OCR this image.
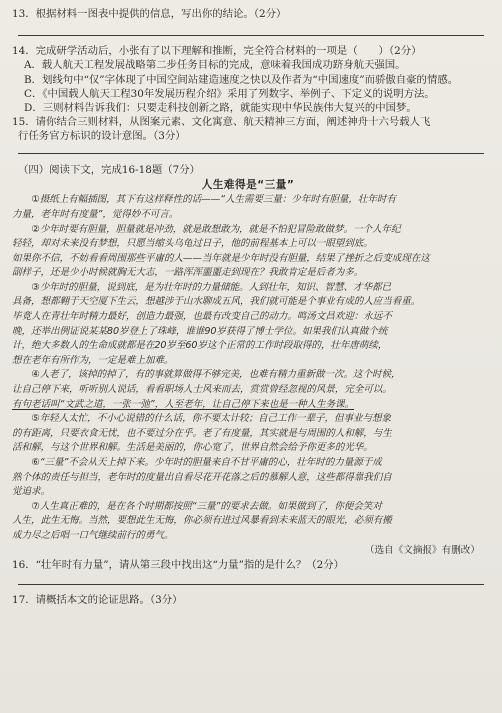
13．根据材料一图表中提供的信息，写出你的结论。（2分）

14．完成研学活动后，小张有了以下理解和推断，完全符合材料的一项是（　　）（2分）

A．载人航天工程发展战略第二步任务目标的完成，意味着我国成功跻身航天强国。

B．划线句中“仅”字体现了中国空间站建造速度之快以及作者为“中国速度”而骄傲自豪的情感。

C．《中国载人航天工程30年发展历程介绍》采用了列数字、举例子、下定义的说明方法。

D．三则材料告诉我们：只要走科技创新之路，就能实现中华民族伟大复兴的中国梦。

15．请你结合三则材料，从图案元素、文化寓意、航天精神三方面，阐述神舟十六号载人飞

行任务官方标识的设计意图。（3分）

（四）阅读下文，完成16-18题（7分）

人生难得是“三量”

①摄纸上有幅插图，其下有这样释性的话——“人生需要三量：少年时有胆量，壮年时有

力量，老年时有度量”，觉得妙不可言。

②少年时要有胆量，胆量就是冲劲，就是敢想敢为，就是不怕犯冒险敢做梦。一个人年纪

轻轻，却对未来没有梦想，只愿当缩头乌龟过日子，他的前程基本上可以一眼望到底。

如果你不信，不妨看看周围那些平庸的人——当年就是少年时没有胆量，结果了挫折之后变成现在这

副样子，还是少小时候就胸无大志，一路浑浑噩噩走到现在？我敢肯定是后者为多。

③少年时的胆量，说到底，是为壮年时的力量储能。人到壮年，知识、智慧、才华都已

具备，想都翱于天空厦下生云，想越涉于山水聊成五风，我们就可能是个事业有成的人应当看重。

毕竟人在青壮年时精力最好，创造力最强，也最有改变自己的动力。鸣汤文昌欢迎：永远不

晚，还举出例证说某某80岁登上了珠峰，谁谁90岁获得了博士学位。如果我们认真做个统

计，绝大多数人的生命成就都是在20岁至60岁这个正常的工作时段取得的，壮年唐萌续，

想在老年有所作为，一定是难上加难。

④人老了，该掉的掉了，有的事就算做得不够完美，也难有精力重新做一次。这个时候，

让自己停下来，听听别人说话，看看职场人士风来而去，赏赏曾经忽视的风景，完全可以。

有句老话叫“文武之道，一张一弛”，人至老年，让自己停下来也是一种人生务课。

⑤年轻人太忙，不小心说错的什么话，你不要太计较；自己工作一辈子，但事业与想象

的有距离，只要衣食无忧，也不要过分在乎。老了有度量，其实就是与周围的人和解，与生

活和解，与这个世界和解。生活是美丽的，你心宽了，世界自然会给予你更多的光华。

⑥“三量”不会从天上掉下来。少年时的胆量来自不甘平庸的心，壮年时的力量源于成

熟个体的责任与担当，老年时的度量出自看尽花开花落之后的慕解人意，这些都得靠我们自

觉追求。

⑦人生真正难的，是在各个时期都按照“三量”的要求去做。如果做到了，你便会笑对

人生，此生无悔。当然，要想此生无悔，你必须有进过风暴看到未来蓝天的眼光，必须有搬

成力尽之后唱一口气继续前行的勇气。

（选自《文摘报》有删改）

16．“壮年时有力量”，请从第三段中找出这“力量”指的是什么？（2分）

17．请概括本文的论证思路。（3分）
